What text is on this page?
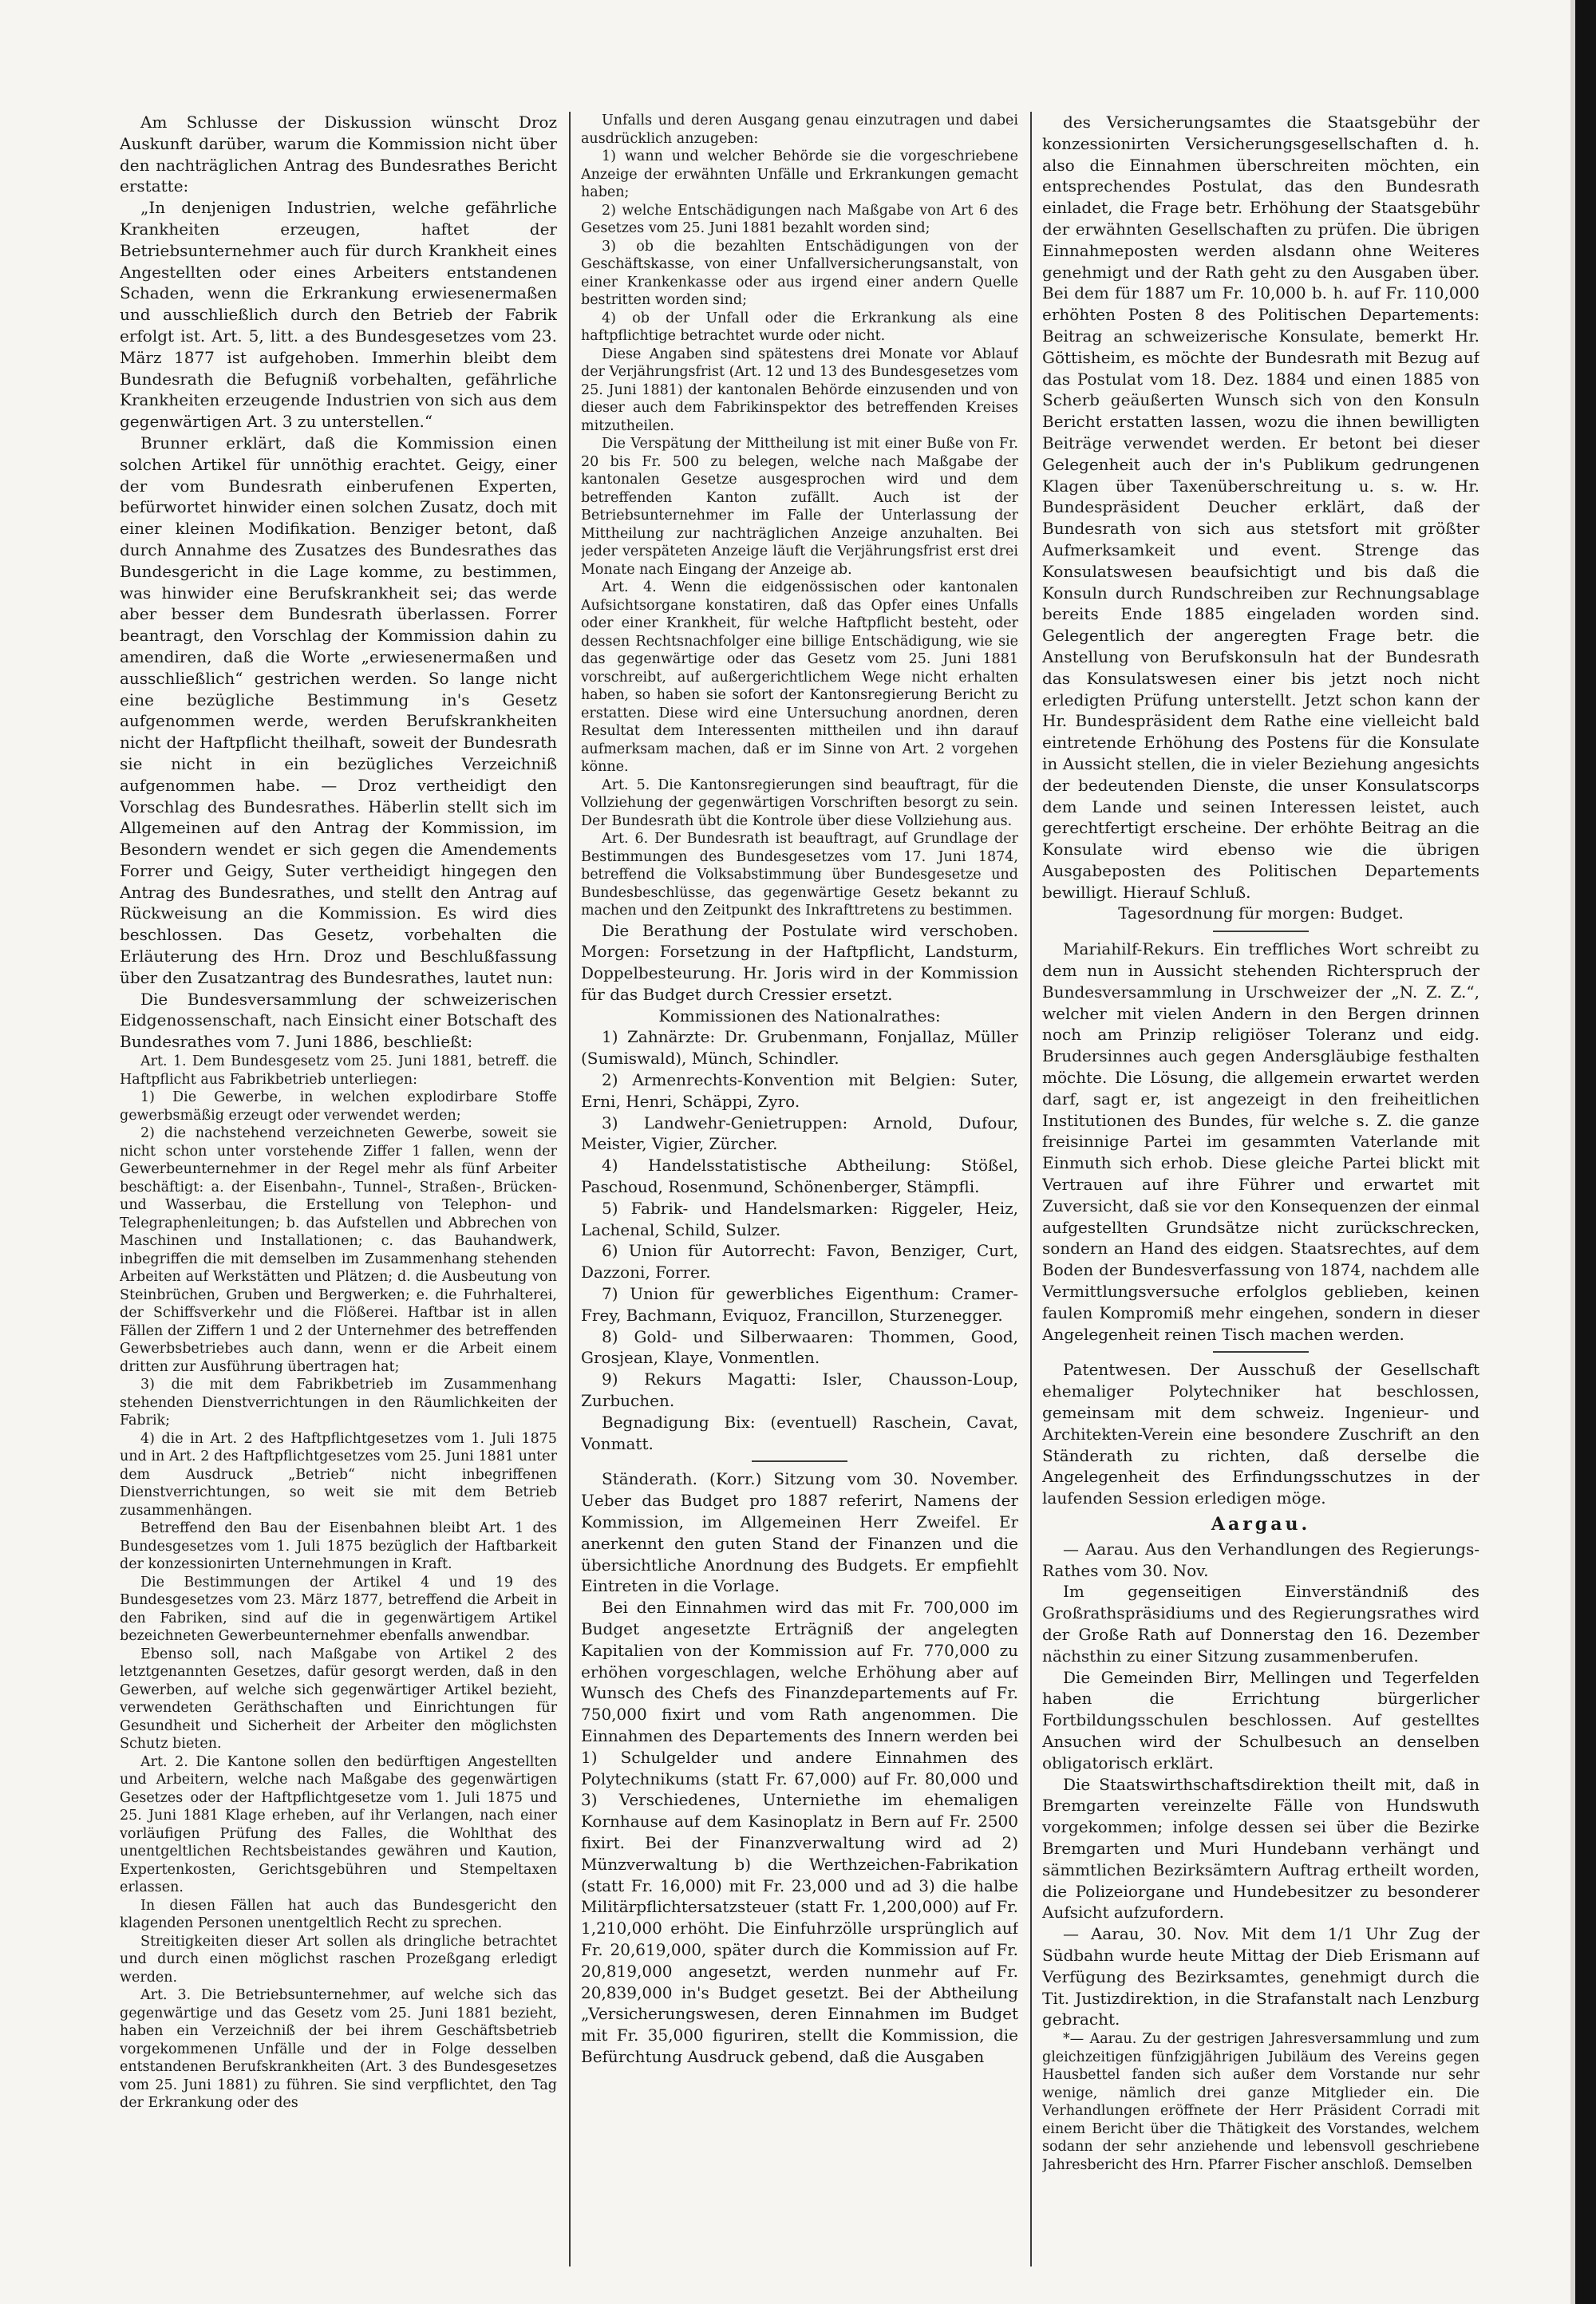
Am Schlusse der Diskussion wünscht Droz Auskunft darüber, warum die Kommission nicht über den nachträglichen Antrag des Bundesrathes Bericht erstatte:

„In denjenigen Industrien, welche gefährliche Krankheiten erzeugen, haftet der Betriebsunternehmer auch für durch Krankheit eines Angestellten oder eines Arbeiters entstandenen Schaden, wenn die Erkrankung erwiesenermaßen und ausschließlich durch den Betrieb der Fabrik erfolgt ist. Art. 5, litt. a des Bundesgesetzes vom 23. März 1877 ist aufgehoben. Immerhin bleibt dem Bundesrath die Befugniß vorbehalten, gefährliche Krankheiten erzeugende Industrien von sich aus dem gegenwärtigen Art. 3 zu unterstellen.“

Brunner erklärt, daß die Kommission einen solchen Artikel für unnöthig erachtet. Geigy, einer der vom Bundesrath einberufenen Experten, befürwortet hinwider einen solchen Zusatz, doch mit einer kleinen Modifikation. Benziger betont, daß durch Annahme des Zusatzes des Bundesrathes das Bundesgericht in die Lage komme, zu bestimmen, was hinwider eine Berufskrankheit sei; das werde aber besser dem Bundesrath überlassen. Forrer beantragt, den Vorschlag der Kommission dahin zu amendiren, daß die Worte „erwiesenermaßen und ausschließlich“ gestrichen werden. So lange nicht eine bezügliche Bestimmung in's Gesetz aufgenommen werde, werden Berufskrankheiten nicht der Haftpflicht theilhaft, soweit der Bundesrath sie nicht in ein bezügliches Verzeichniß aufgenommen habe. — Droz vertheidigt den Vorschlag des Bundesrathes. Häberlin stellt sich im Allgemeinen auf den Antrag der Kommission, im Besondern wendet er sich gegen die Amendements Forrer und Geigy, Suter vertheidigt hingegen den Antrag des Bundesrathes, und stellt den Antrag auf Rückweisung an die Kommission. Es wird dies beschlossen. Das Gesetz, vorbehalten die Erläuterung des Hrn. Droz und Beschlußfassung über den Zusatzantrag des Bundesrathes, lautet nun:

Die Bundesversammlung der schweizerischen Eidgenossenschaft, nach Einsicht einer Botschaft des Bundesrathes vom 7. Juni 1886, beschließt:

Art. 1. Dem Bundesgesetz vom 25. Juni 1881, betreff. die Haftpflicht aus Fabrikbetrieb unterliegen:

1) Die Gewerbe, in welchen explodirbare Stoffe gewerbsmäßig erzeugt oder verwendet werden;

2) die nachstehend verzeichneten Gewerbe, soweit sie nicht schon unter vorstehende Ziffer 1 fallen, wenn der Gewerbeunternehmer in der Regel mehr als fünf Arbeiter beschäftigt: a. der Eisenbahn-, Tunnel-, Straßen-, Brücken- und Wasserbau, die Erstellung von Telephon- und Telegraphenleitungen; b. das Aufstellen und Abbrechen von Maschinen und Installationen; c. das Bauhandwerk, inbegriffen die mit demselben im Zusammenhang stehenden Arbeiten auf Werkstätten und Plätzen; d. die Ausbeutung von Steinbrüchen, Gruben und Bergwerken; e. die Fuhrhalterei, der Schiffsverkehr und die Flößerei. Haftbar ist in allen Fällen der Ziffern 1 und 2 der Unternehmer des betreffenden Gewerbsbetriebes auch dann, wenn er die Arbeit einem dritten zur Ausführung übertragen hat;

3) die mit dem Fabrikbetrieb im Zusammenhang stehenden Dienstverrichtungen in den Räumlichkeiten der Fabrik;

4) die in Art. 2 des Haftpflichtgesetzes vom 1. Juli 1875 und in Art. 2 des Haftpflichtgesetzes vom 25. Juni 1881 unter dem Ausdruck „Betrieb“ nicht inbegriffenen Dienstverrichtungen, so weit sie mit dem Betrieb zusammenhängen.

Betreffend den Bau der Eisenbahnen bleibt Art. 1 des Bundesgesetzes vom 1. Juli 1875 bezüglich der Haftbarkeit der konzessionirten Unternehmungen in Kraft.

Die Bestimmungen der Artikel 4 und 19 des Bundesgesetzes vom 23. März 1877, betreffend die Arbeit in den Fabriken, sind auf die in gegenwärtigem Artikel bezeichneten Gewerbeunternehmer ebenfalls anwendbar.

Ebenso soll, nach Maßgabe von Artikel 2 des letztgenannten Gesetzes, dafür gesorgt werden, daß in den Gewerben, auf welche sich gegenwärtiger Artikel bezieht, verwendeten Geräthschaften und Einrichtungen für Gesundheit und Sicherheit der Arbeiter den möglichsten Schutz bieten.

Art. 2. Die Kantone sollen den bedürftigen Angestellten und Arbeitern, welche nach Maßgabe des gegenwärtigen Gesetzes oder der Haftpflichtgesetze vom 1. Juli 1875 und 25. Juni 1881 Klage erheben, auf ihr Verlangen, nach einer vorläufigen Prüfung des Falles, die Wohlthat des unentgeltlichen Rechtsbeistandes gewähren und Kaution, Expertenkosten, Gerichtsgebühren und Stempeltaxen erlassen.

In diesen Fällen hat auch das Bundesgericht den klagenden Personen unentgeltlich Recht zu sprechen.

Streitigkeiten dieser Art sollen als dringliche betrachtet und durch einen möglichst raschen Prozeßgang erledigt werden.

Art. 3. Die Betriebsunternehmer, auf welche sich das gegenwärtige und das Gesetz vom 25. Juni 1881 bezieht, haben ein Verzeichniß der bei ihrem Geschäftsbetrieb vorgekommenen Unfälle und der in Folge desselben entstandenen Berufskrankheiten (Art. 3 des Bundesgesetzes vom 25. Juni 1881) zu führen. Sie sind verpflichtet, den Tag der Erkrankung oder des

Unfalls und deren Ausgang genau einzutragen und dabei ausdrücklich anzugeben:

1) wann und welcher Behörde sie die vorgeschriebene Anzeige der erwähnten Unfälle und Erkrankungen gemacht haben;

2) welche Entschädigungen nach Maßgabe von Art 6 des Gesetzes vom 25. Juni 1881 bezahlt worden sind;

3) ob die bezahlten Entschädigungen von der Geschäftskasse, von einer Unfallversicherungsanstalt, von einer Krankenkasse oder aus irgend einer andern Quelle bestritten worden sind;

4) ob der Unfall oder die Erkrankung als eine haftpflichtige betrachtet wurde oder nicht.

Diese Angaben sind spätestens drei Monate vor Ablauf der Verjährungsfrist (Art. 12 und 13 des Bundesgesetzes vom 25. Juni 1881) der kantonalen Behörde einzusenden und von dieser auch dem Fabrikinspektor des betreffenden Kreises mitzutheilen.

Die Verspätung der Mittheilung ist mit einer Buße von Fr. 20 bis Fr. 500 zu belegen, welche nach Maßgabe der kantonalen Gesetze ausgesprochen wird und dem betreffenden Kanton zufällt. Auch ist der Betriebsunternehmer im Falle der Unterlassung der Mittheilung zur nachträglichen Anzeige anzuhalten. Bei jeder verspäteten Anzeige läuft die Verjährungsfrist erst drei Monate nach Eingang der Anzeige ab.

Art. 4. Wenn die eidgenössischen oder kantonalen Aufsichtsorgane konstatiren, daß das Opfer eines Unfalls oder einer Krankheit, für welche Haftpflicht besteht, oder dessen Rechtsnachfolger eine billige Entschädigung, wie sie das gegenwärtige oder das Gesetz vom 25. Juni 1881 vorschreibt, auf außergerichtlichem Wege nicht erhalten haben, so haben sie sofort der Kantonsregierung Bericht zu erstatten. Diese wird eine Untersuchung anordnen, deren Resultat dem Interessenten mittheilen und ihn darauf aufmerksam machen, daß er im Sinne von Art. 2 vorgehen könne.

Art. 5. Die Kantonsregierungen sind beauftragt, für die Vollziehung der gegenwärtigen Vorschriften besorgt zu sein. Der Bundesrath übt die Kontrole über diese Vollziehung aus.

Art. 6. Der Bundesrath ist beauftragt, auf Grundlage der Bestimmungen des Bundesgesetzes vom 17. Juni 1874, betreffend die Volksabstimmung über Bundesgesetze und Bundesbeschlüsse, das gegenwärtige Gesetz bekannt zu machen und den Zeitpunkt des Inkrafttretens zu bestimmen.

Die Berathung der Postulate wird verschoben. Morgen: Forsetzung in der Haftpflicht, Landsturm, Doppelbesteurung. Hr. Joris wird in der Kommission für das Budget durch Cressier ersetzt.

Kommissionen des Nationalrathes:

1) Zahnärzte: Dr. Grubenmann, Fonjallaz, Müller (Sumiswald), Münch, Schindler.

2) Armenrechts-Konvention mit Belgien: Suter, Erni, Henri, Schäppi, Zyro.

3) Landwehr-Genietruppen: Arnold, Dufour, Meister, Vigier, Zürcher.

4) Handelsstatistische Abtheilung: Stößel, Paschoud, Rosenmund, Schönenberger, Stämpfli.

5) Fabrik- und Handelsmarken: Riggeler, Heiz, Lachenal, Schild, Sulzer.

6) Union für Autorrecht: Favon, Benziger, Curt, Dazzoni, Forrer.

7) Union für gewerbliches Eigenthum: Cramer-Frey, Bachmann, Eviquoz, Francillon, Sturzenegger.

8) Gold- und Silberwaaren: Thommen, Good, Grosjean, Klaye, Vonmentlen.

9) Rekurs Magatti: Isler, Chausson-Loup, Zurbuchen.

Begnadigung Bix: (eventuell) Raschein, Cavat, Vonmatt.

Ständerath. (Korr.) Sitzung vom 30. November. Ueber das Budget pro 1887 referirt, Namens der Kommission, im Allgemeinen Herr Zweifel. Er anerkennt den guten Stand der Finanzen und die übersichtliche Anordnung des Budgets. Er empfiehlt Eintreten in die Vorlage.

Bei den Einnahmen wird das mit Fr. 700,000 im Budget angesetzte Erträgniß der angelegten Kapitalien von der Kommission auf Fr. 770,000 zu erhöhen vorgeschlagen, welche Erhöhung aber auf Wunsch des Chefs des Finanzdepartements auf Fr. 750,000 fixirt und vom Rath angenommen. Die Einnahmen des Departements des Innern werden bei 1) Schulgelder und andere Einnahmen des Polytechnikums (statt Fr. 67,000) auf Fr. 80,000 und 3) Verschiedenes, Unterniethe im ehemaligen Kornhause auf dem Kasinoplatz in Bern auf Fr. 2500 fixirt. Bei der Finanzverwaltung wird ad 2) Münzverwaltung b) die Werthzeichen-Fabrikation (statt Fr. 16,000) mit Fr. 23,000 und ad 3) die halbe Militärpflichtersatzsteuer (statt Fr. 1,200,000) auf Fr. 1,210,000 erhöht. Die Einfuhrzölle ursprünglich auf Fr. 20,619,000, später durch die Kommission auf Fr. 20,819,000 angesetzt, werden nunmehr auf Fr. 20,839,000 in's Budget gesetzt. Bei der Abtheilung „Versicherungswesen, deren Einnahmen im Budget mit Fr. 35,000 figuriren, stellt die Kommission, die Befürchtung Ausdruck gebend, daß die Ausgaben

des Versicherungsamtes die Staatsgebühr der konzessionirten Versicherungsgesellschaften d. h. also die Einnahmen überschreiten möchten, ein entsprechendes Postulat, das den Bundesrath einladet, die Frage betr. Erhöhung der Staatsgebühr der erwähnten Gesellschaften zu prüfen. Die übrigen Einnahmeposten werden alsdann ohne Weiteres genehmigt und der Rath geht zu den Ausgaben über. Bei dem für 1887 um Fr. 10,000 b. h. auf Fr. 110,000 erhöhten Posten 8 des Politischen Departements: Beitrag an schweizerische Konsulate, bemerkt Hr. Göttisheim, es möchte der Bundesrath mit Bezug auf das Postulat vom 18. Dez. 1884 und einen 1885 von Scherb geäußerten Wunsch sich von den Konsuln Bericht erstatten lassen, wozu die ihnen bewilligten Beiträge verwendet werden. Er betont bei dieser Gelegenheit auch der in's Publikum gedrungenen Klagen über Taxenüberschreitung u. s. w. Hr. Bundespräsident Deucher erklärt, daß der Bundesrath von sich aus stetsfort mit größter Aufmerksamkeit und event. Strenge das Konsulatswesen beaufsichtigt und bis daß die Konsuln durch Rundschreiben zur Rechnungsablage bereits Ende 1885 eingeladen worden sind. Gelegentlich der angeregten Frage betr. die Anstellung von Berufskonsuln hat der Bundesrath das Konsulatswesen einer bis jetzt noch nicht erledigten Prüfung unterstellt. Jetzt schon kann der Hr. Bundespräsident dem Rathe eine vielleicht bald eintretende Erhöhung des Postens für die Konsulate in Aussicht stellen, die in vieler Beziehung angesichts der bedeutenden Dienste, die unser Konsulatscorps dem Lande und seinen Interessen leistet, auch gerechtfertigt erscheine. Der erhöhte Beitrag an die Konsulate wird ebenso wie die übrigen Ausgabeposten des Politischen Departements bewilligt. Hierauf Schluß.

Tagesordnung für morgen: Budget.

Mariahilf-Rekurs. Ein treffliches Wort schreibt zu dem nun in Aussicht stehenden Richterspruch der Bundesversammlung in Urschweizer der „N. Z. Z.“, welcher mit vielen Andern in den Bergen drinnen noch am Prinzip religiöser Toleranz und eidg. Brudersinnes auch gegen Andersgläubige festhalten möchte. Die Lösung, die allgemein erwartet werden darf, sagt er, ist angezeigt in den freiheitlichen Institutionen des Bundes, für welche s. Z. die ganze freisinnige Partei im gesammten Vaterlande mit Einmuth sich erhob. Diese gleiche Partei blickt mit Vertrauen auf ihre Führer und erwartet mit Zuversicht, daß sie vor den Konsequenzen der einmal aufgestellten Grundsätze nicht zurückschrecken, sondern an Hand des eidgen. Staatsrechtes, auf dem Boden der Bundesverfassung von 1874, nachdem alle Vermittlungsversuche erfolglos geblieben, keinen faulen Kompromiß mehr eingehen, sondern in dieser Angelegenheit reinen Tisch machen werden.

Patentwesen. Der Ausschuß der Gesellschaft ehemaliger Polytechniker hat beschlossen, gemeinsam mit dem schweiz. Ingenieur- und Architekten-Verein eine besondere Zuschrift an den Ständerath zu richten, daß derselbe die Angelegenheit des Erfindungsschutzes in der laufenden Session erledigen möge.

Aargau.

— Aarau. Aus den Verhandlungen des Regierungs-Rathes vom 30. Nov.

Im gegenseitigen Einverständniß des Großrathspräsidiums und des Regierungsrathes wird der Große Rath auf Donnerstag den 16. Dezember nächsthin zu einer Sitzung zusammenberufen.

Die Gemeinden Birr, Mellingen und Tegerfelden haben die Errichtung bürgerlicher Fortbildungsschulen beschlossen. Auf gestelltes Ansuchen wird der Schulbesuch an denselben obligatorisch erklärt.

Die Staatswirthschaftsdirektion theilt mit, daß in Bremgarten vereinzelte Fälle von Hundswuth vorgekommen; infolge dessen sei über die Bezirke Bremgarten und Muri Hundebann verhängt und sämmtlichen Bezirksämtern Auftrag ertheilt worden, die Polizeiorgane und Hundebesitzer zu besonderer Aufsicht aufzufordern.

— Aarau, 30. Nov. Mit dem 1/1 Uhr Zug der Südbahn wurde heute Mittag der Dieb Erismann auf Verfügung des Bezirksamtes, genehmigt durch die Tit. Justizdirektion, in die Strafanstalt nach Lenzburg gebracht.

*— Aarau. Zu der gestrigen Jahresversammlung und zum gleichzeitigen fünfzigjährigen Jubiläum des Vereins gegen Hausbettel fanden sich außer dem Vorstande nur sehr wenige, nämlich drei ganze Mitglieder ein. Die Verhandlungen eröffnete der Herr Präsident Corradi mit einem Bericht über die Thätigkeit des Vorstandes, welchem sodann der sehr anziehende und lebensvoll geschriebene Jahresbericht des Hrn. Pfarrer Fischer anschloß. Demselben
